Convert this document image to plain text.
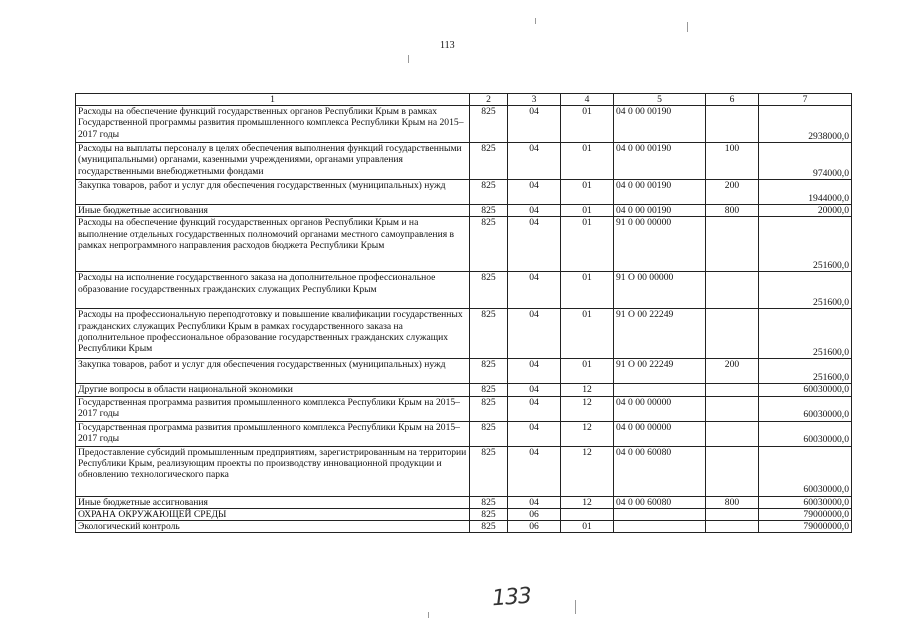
113
1	2	3	4	5	6	7
Расходы на обеспечение функций государственных органов Республики Крым в рамках Государственной программы развития промышленного комплекса Республики Крым на 2015–2017 годы	825	04	01	04 0 00 00190		2938000,0
Расходы на выплаты персоналу в целях обеспечения выполнения функций государственными (муниципальными) органами, казенными учреждениями, органами управления государственными внебюджетными фондами	825	04	01	04 0 00 00190	100	974000,0
Закупка товаров, работ и услуг для обеспечения государственных (муниципальных) нужд	825	04	01	04 0 00 00190	200	1944000,0
Иные бюджетные ассигнования	825	04	01	04 0 00 00190	800	20000,0
Расходы на обеспечение функций государственных органов Республики Крым и на выполнение отдельных государственных полномочий органами местного самоуправления в рамках непрограммного направления расходов бюджета Республики Крым	825	04	01	91 0 00 00000		251600,0
Расходы на исполнение государственного заказа на дополнительное профессиональное образование государственных гражданских служащих Республики Крым	825	04	01	91 О 00 00000		251600,0
Расходы на профессиональную переподготовку и повышение квалификации государственных гражданских служащих Республики Крым в рамках государственного заказа на дополнительное профессиональное образование государственных гражданских служащих Республики Крым	825	04	01	91 О 00 22249		251600,0
Закупка товаров, работ и услуг для обеспечения государственных (муниципальных) нужд	825	04	01	91 О 00 22249	200	251600,0
Другие вопросы в области национальной экономики	825	04	12			60030000,0
Государственная программа развития промышленного комплекса Республики Крым на 2015–2017 годы	825	04	12	04 0 00 00000		60030000,0
Государственная программа развития промышленного комплекса Республики Крым на 2015–2017 годы	825	04	12	04 0 00 00000		60030000,0
Предоставление субсидий промышленным предприятиям, зарегистрированным на территории Республики Крым, реализующим проекты по производству инновационной продукции и обновлению технологического парка	825	04	12	04 0 00 60080		60030000,0
Иные бюджетные ассигнования	825	04	12	04 0 00 60080	800	60030000,0
ОХРАНА ОКРУЖАЮЩЕЙ СРЕДЫ	825	06				79000000,0
Экологический контроль	825	06	01			79000000,0
133
